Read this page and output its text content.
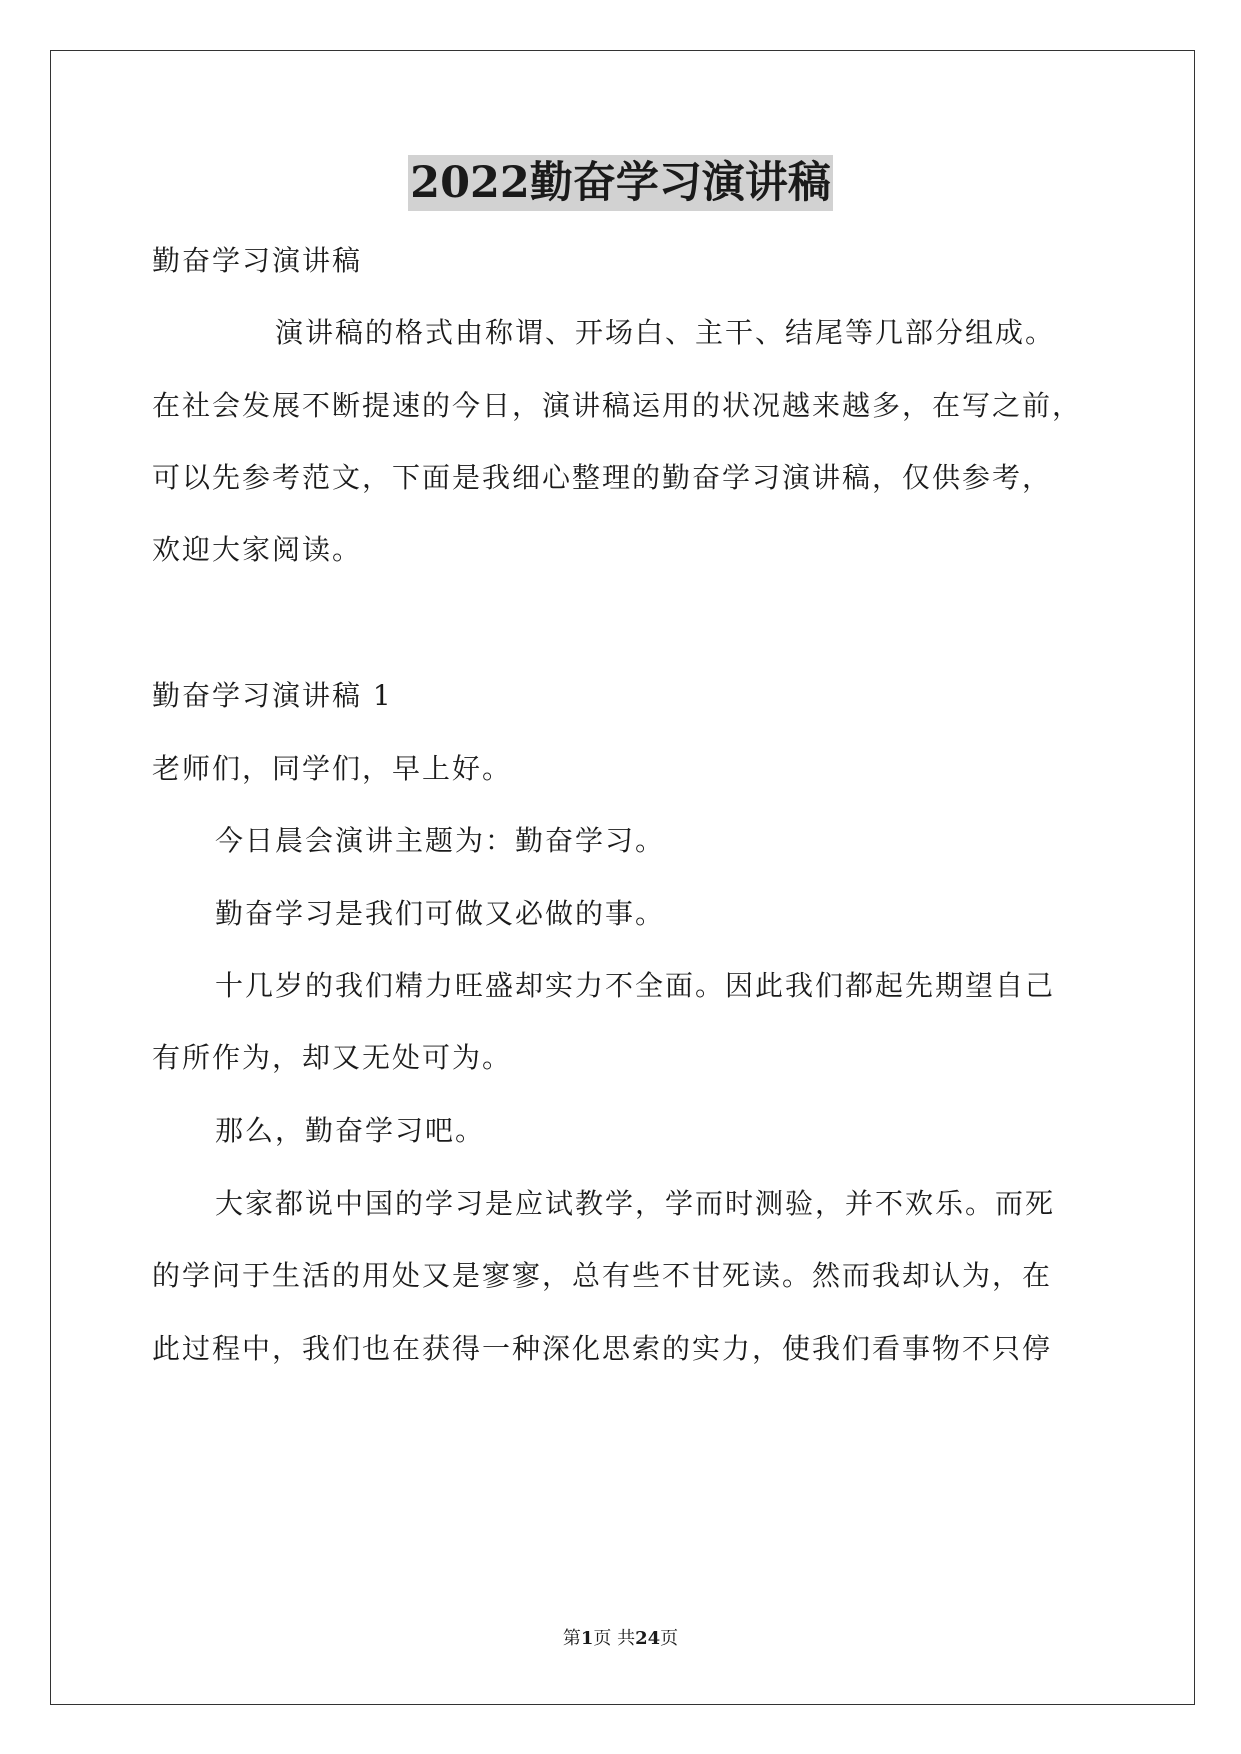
2022勤奋学习演讲稿
勤奋学习演讲稿
演讲稿的格式由称谓、开场白、主干、结尾等几部分组成。
在社会发展不断提速的今日，演讲稿运用的状况越来越多，在写之前，
可以先参考范文，下面是我细心整理的勤奋学习演讲稿，仅供参考，
欢迎大家阅读。
勤奋学习演讲稿 1
老师们，同学们，早上好。
今日晨会演讲主题为：勤奋学习。
勤奋学习是我们可做又必做的事。
十几岁的我们精力旺盛却实力不全面。因此我们都起先期望自己
有所作为，却又无处可为。
那么，勤奋学习吧。
大家都说中国的学习是应试教学，学而时测验，并不欢乐。而死
的学问于生活的用处又是寥寥，总有些不甘死读。然而我却认为，在
此过程中，我们也在获得一种深化思索的实力，使我们看事物不只停
第1页 共24页
